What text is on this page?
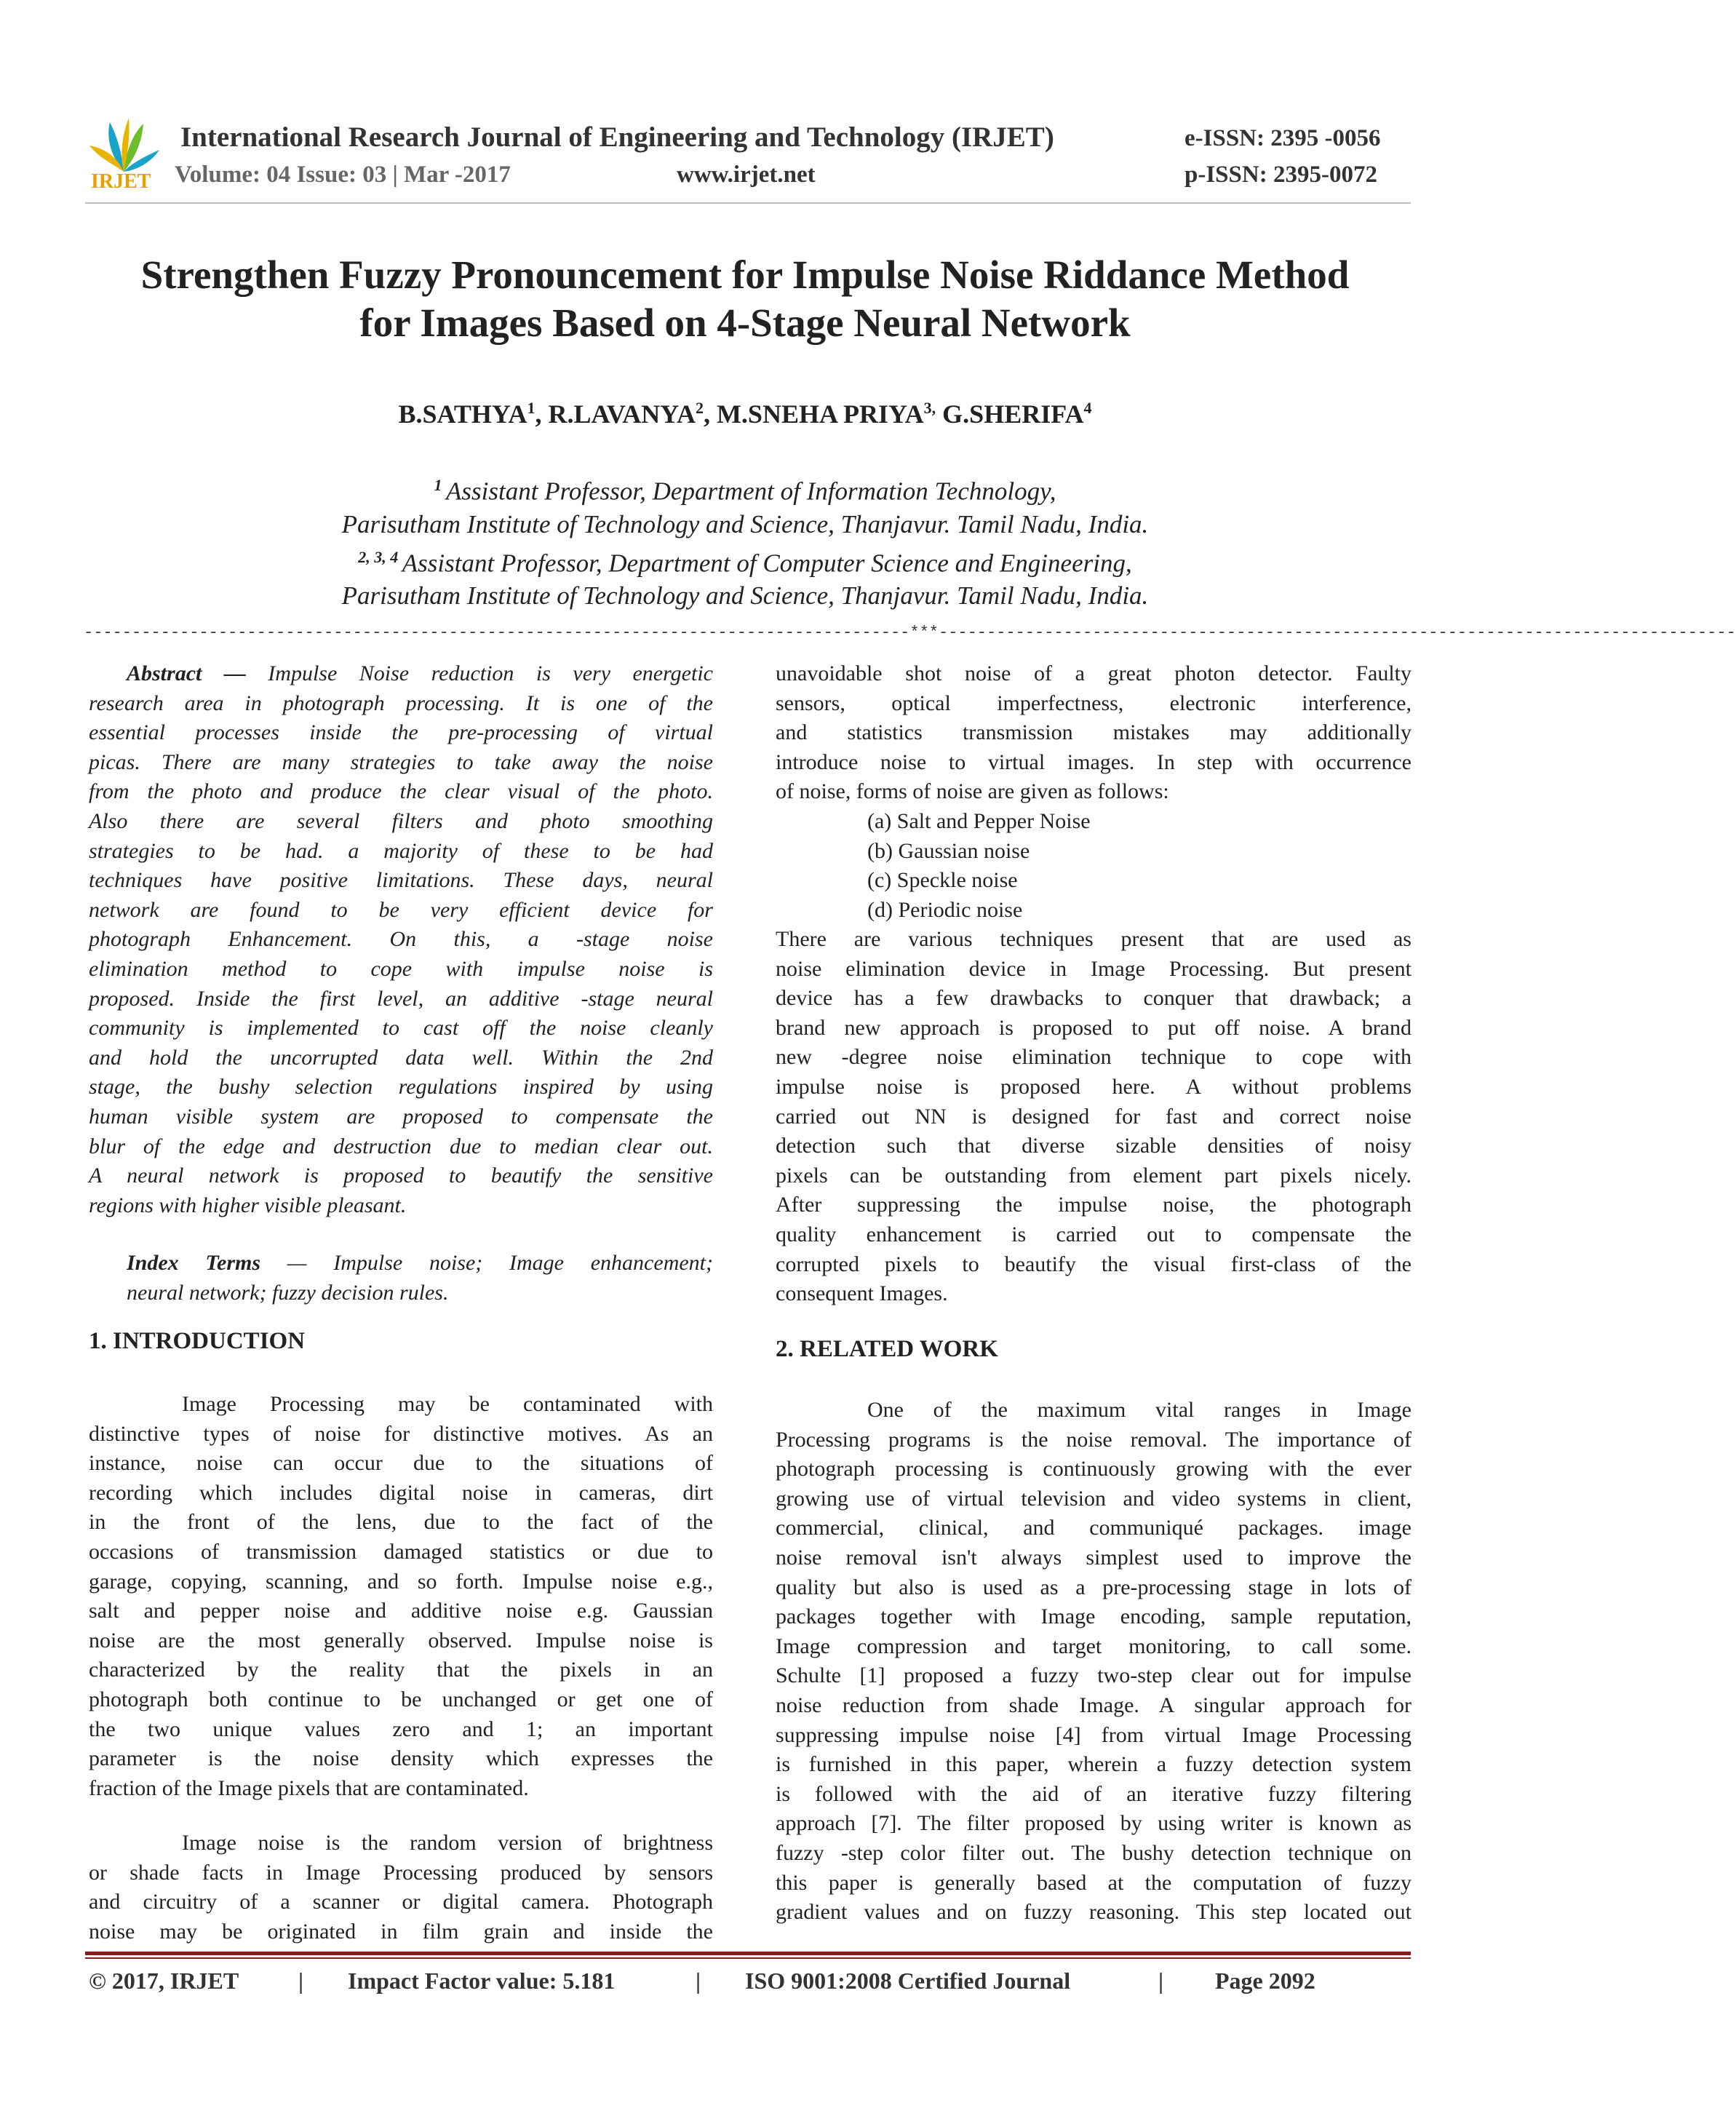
IRJET
International Research Journal of Engineering and Technology (IRJET)	e-ISSN: 2395 -0056
Volume: 04 Issue: 03 | Mar -2017	www.irjet.net	p-ISSN: 2395-0072
Strengthen Fuzzy Pronouncement for Impulse Noise Riddance Method
for Images Based on 4-Stage Neural Network
B.SATHYA$^1$, R.LAVANYA$^2$, M.SNEHA $PRIYA^{3,}$ G.SHERIFA$^4$
$^1$ Assistant Professor, Department of Information Technology,
Parisutham Institute of Technology and Science, Thanjavur. Tamil Nadu, India.
$^{2, 3, 4}$ Assistant Professor, Department of Computer Science and Engineering,
Parisutham Institute of Technology and Science, Thanjavur. Tamil Nadu, India.
--------------------------------------------------------------------------------------***-----------------------------------------------------------------------------------
Abstract — Impulse Noise reduction is very energetic
research area in photograph processing. It is one of the
essential processes inside the pre-processing of virtual
picas. There are many strategies to take away the noise
from the photo and produce the clear visual of the photo.
Also there are several filters and photo smoothing
strategies to be had. a majority of these to be had
techniques have positive limitations. These days, neural
network are found to be very efficient device for
photograph Enhancement. On this, a -stage noise
elimination method to cope with impulse noise is
proposed. Inside the first level, an additive -stage neural
community is implemented to cast off the noise cleanly
and hold the uncorrupted data well. Within the 2nd
stage, the bushy selection regulations inspired by using
human visible system are proposed to compensate the
blur of the edge and destruction due to median clear out.
A neural network is proposed to beautify the sensitive
regions with higher visible pleasant.
Index Terms — Impulse noise; Image enhancement;
neural network; fuzzy decision rules.
1. INTRODUCTION
Image Processing may be contaminated with
distinctive types of noise for distinctive motives. As an
instance, noise can occur due to the situations of
recording which includes digital noise in cameras, dirt
in the front of the lens, due to the fact of the
occasions of transmission damaged statistics or due to
garage, copying, scanning, and so forth. Impulse noise e.g.,
salt and pepper noise and additive noise e.g. Gaussian
noise are the most generally observed. Impulse noise is
characterized by the reality that the pixels in an
photograph both continue to be unchanged or get one of
the two unique values zero and 1; an important
parameter is the noise density which expresses the
fraction of the Image pixels that are contaminated.
Image noise is the random version of brightness
or shade facts in Image Processing produced by sensors
and circuitry of a scanner or digital camera. Photograph
noise may be originated in film grain and inside the
unavoidable shot noise of a great photon detector. Faulty
sensors, optical imperfectness, electronic interference,
and statistics transmission mistakes may additionally
introduce noise to virtual images. In step with occurrence
of noise, forms of noise are given as follows:
(a) Salt and Pepper Noise
(b) Gaussian noise
(c) Speckle noise
(d) Periodic noise
There are various techniques present that are used as
noise elimination device in Image Processing. But present
device has a few drawbacks to conquer that drawback; a
brand new approach is proposed to put off noise. A brand
new -degree noise elimination technique to cope with
impulse noise is proposed here. A without problems
carried out NN is designed for fast and correct noise
detection such that diverse sizable densities of noisy
pixels can be outstanding from element part pixels nicely.
After suppressing the impulse noise, the photograph
quality enhancement is carried out to compensate the
corrupted pixels to beautify the visual first-class of the
consequent Images.
2. RELATED WORK
One of the maximum vital ranges in Image
Processing programs is the noise removal. The importance of
photograph processing is continuously growing with the ever
growing use of virtual television and video systems in client,
commercial, clinical, and communiqué packages. image
noise removal isn't always simplest used to improve the
quality but also is used as a pre-processing stage in lots of
packages together with Image encoding, sample reputation,
Image compression and target monitoring, to call some.
Schulte [1] proposed a fuzzy two-step clear out for impulse
noise reduction from shade Image. A singular approach for
suppressing impulse noise [4] from virtual Image Processing
is furnished in this paper, wherein a fuzzy detection system
is followed with the aid of an iterative fuzzy filtering
approach [7]. The filter proposed by using writer is known as
fuzzy -step color filter out. The bushy detection technique on
this paper is generally based at the computation of fuzzy
gradient values and on fuzzy reasoning. This step located out
© 2017, IRJET	| Impact Factor value: 5.181	| ISO 9001:2008 Certified Journal	| Page 2092
